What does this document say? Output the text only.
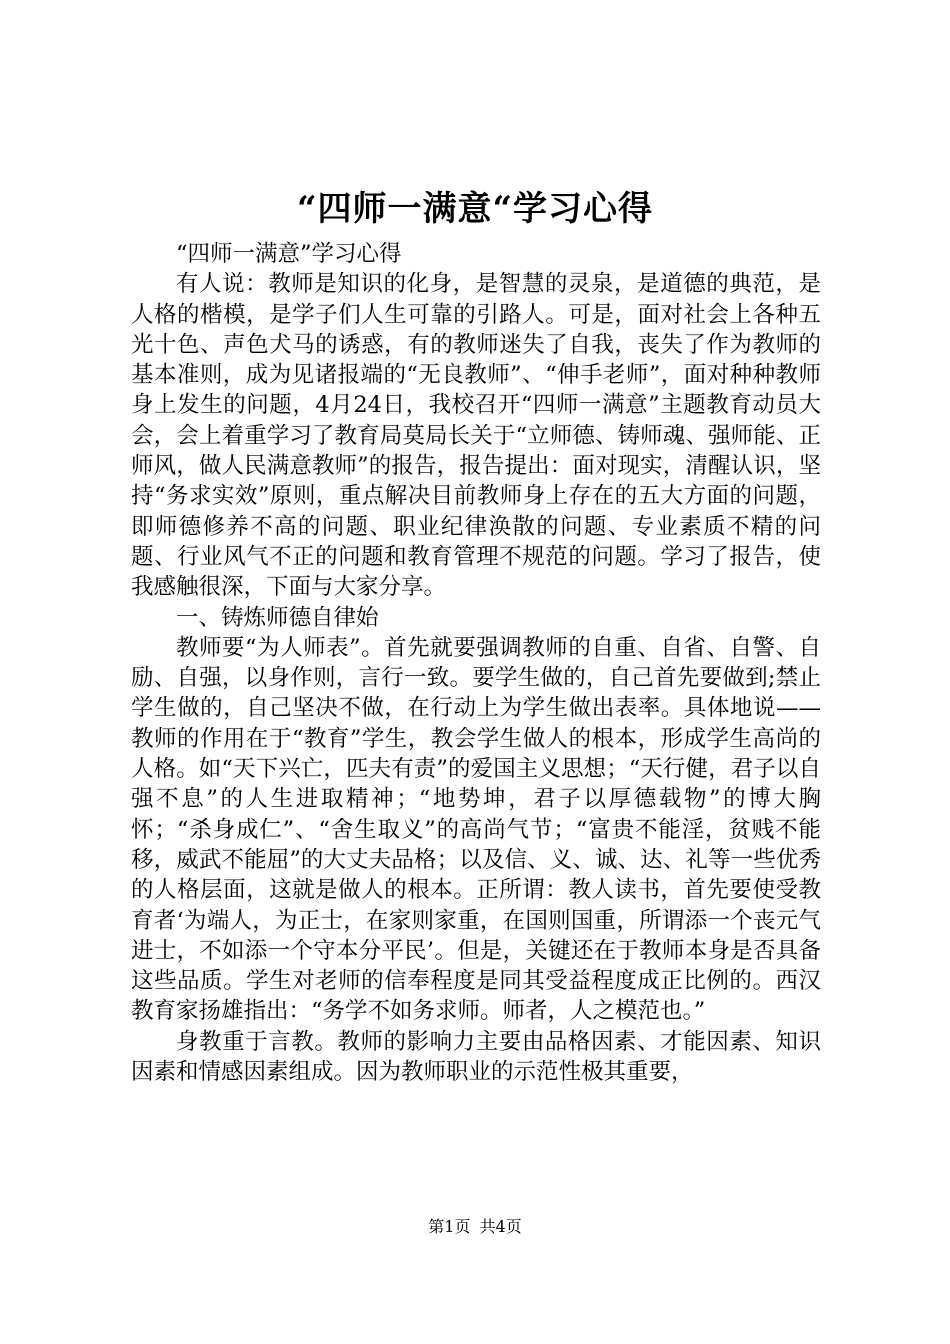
“四师一满意“学习心得

“四师一满意”学习心得

有人说：教师是知识的化身，是智慧的灵泉，是道德的典范，是人格的楷模，是学子们人生可靠的引路人。可是，面对社会上各种五光十色、声色犬马的诱惑，有的教师迷失了自我，丧失了作为教师的基本准则，成为见诸报端的“无良教师”、“伸手老师”，面对种种教师身上发生的问题，4月24日，我校召开“四师一满意”主题教育动员大会，会上着重学习了教育局莫局长关于“立师德、铸师魂、强师能、正师风，做人民满意教师”的报告，报告提出：面对现实，清醒认识，坚持“务求实效”原则，重点解决目前教师身上存在的五大方面的问题，即师德修养不高的问题、职业纪律涣散的问题、专业素质不精的问题、行业风气不正的问题和教育管理不规范的问题。学习了报告，使我感触很深，下面与大家分享。

一、铸炼师德自律始

教师要“为人师表”。首先就要强调教师的自重、自省、自警、自励、自强，以身作则，言行一致。要学生做的，自己首先要做到;禁止学生做的，自己坚决不做，在行动上为学生做出表率。具体地说——教师的作用在于“教育”学生，教会学生做人的根本，形成学生高尚的人格。如“天下兴亡，匹夫有责”的爱国主义思想；“天行健，君子以自强不息”的人生进取精神；“地势坤，君子以厚德载物”的博大胸怀；“杀身成仁”、“舍生取义”的高尚气节；“富贵不能淫，贫贱不能移，威武不能屈”的大丈夫品格；以及信、义、诚、达、礼等一些优秀的人格层面，这就是做人的根本。正所谓：教人读书，首先要使受教育者‘为端人，为正士，在家则家重，在国则国重，所谓添一个丧元气进士，不如添一个守本分平民’。但是，关键还在于教师本身是否具备这些品质。学生对老师的信奉程度是同其受益程度成正比例的。西汉教育家扬雄指出：“务学不如务求师。师者，人之模范也。”

身教重于言教。教师的影响力主要由品格因素、才能因素、知识因素和情感因素组成。因为教师职业的示范性极其重要，

第1页 共4页
